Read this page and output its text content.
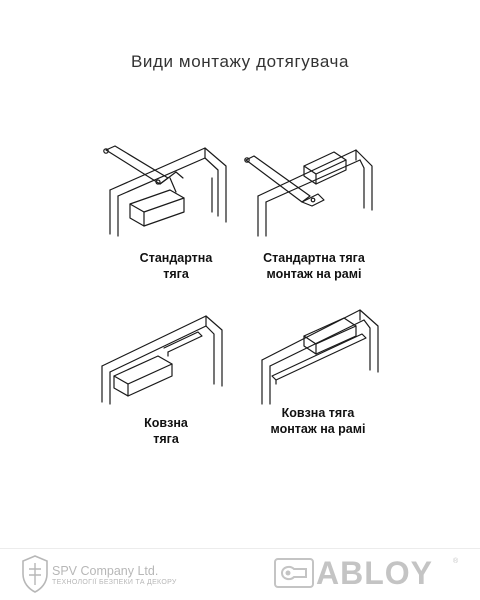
Види монтажу дотягувача
Стандартна
тяга
Стандартна тяга
монтаж на рамі
Ковзна
тяга
Ковзна тяга
монтаж на рамі
SPV Company Ltd.
ТЕХНОЛОГІЇ БЕЗПЕКИ ТА ДЕКОРУ	ABLOY	®
